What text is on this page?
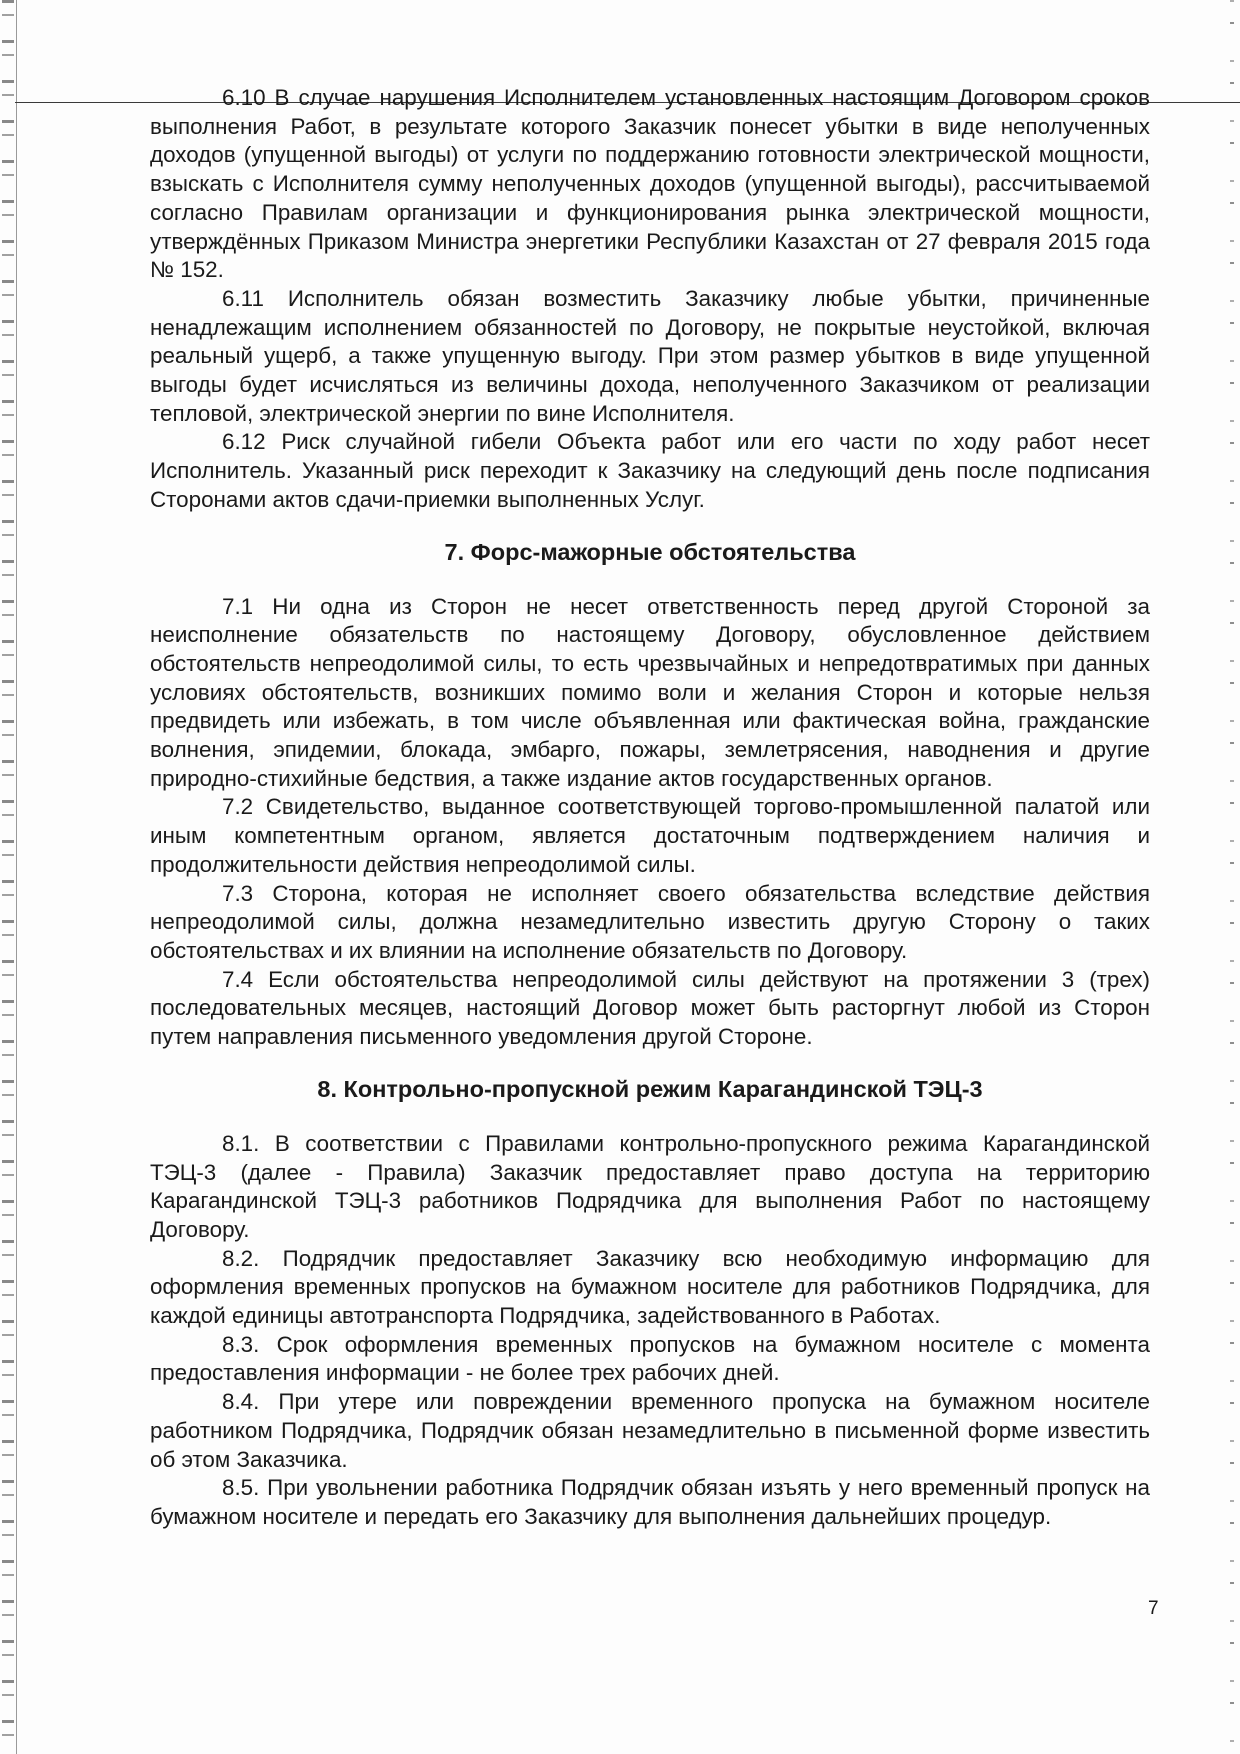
6.10 В случае нарушения Исполнителем установленных настоящим Договором сроков выполнения Работ, в результате которого Заказчик понесет убытки в виде неполученных доходов (упущенной выгоды) от услуги по поддержанию готовности электрической мощности, взыскать с Исполнителя сумму неполученных доходов (упущенной выгоды), рассчитываемой согласно Правилам организации и функционирования рынка электрической мощности, утверждённых Приказом Министра энергетики Республики Казахстан от 27 февраля 2015 года № 152.

6.11 Исполнитель обязан возместить Заказчику любые убытки, причиненные ненадлежащим исполнением обязанностей по Договору, не покрытые неустойкой, включая реальный ущерб, а также упущенную выгоду. При этом размер убытков в виде упущенной выгоды будет исчисляться из величины дохода, неполученного Заказчиком от реализации тепловой, электрической энергии по вине Исполнителя.

6.12 Риск случайной гибели Объекта работ или его части по ходу работ несет Исполнитель. Указанный риск переходит к Заказчику на следующий день после подписания Сторонами актов сдачи-приемки выполненных Услуг.

7. Форс-мажорные обстоятельства

7.1 Ни одна из Сторон не несет ответственность перед другой Стороной за неисполнение обязательств по настоящему Договору, обусловленное действием обстоятельств непреодолимой силы, то есть чрезвычайных и непредотвратимых при данных условиях обстоятельств, возникших помимо воли и желания Сторон и которые нельзя предвидеть или избежать, в том числе объявленная или фактическая война, гражданские волнения, эпидемии, блокада, эмбарго, пожары, землетрясения, наводнения и другие природно-стихийные бедствия, а также издание актов государственных органов.

7.2 Свидетельство, выданное соответствующей торгово-промышленной палатой или иным компетентным органом, является достаточным подтверждением наличия и продолжительности действия непреодолимой силы.

7.3 Сторона, которая не исполняет своего обязательства вследствие действия непреодолимой силы, должна незамедлительно известить другую Сторону о таких обстоятельствах и их влиянии на исполнение обязательств по Договору.

7.4 Если обстоятельства непреодолимой силы действуют на протяжении 3 (трех) последовательных месяцев, настоящий Договор может быть расторгнут любой из Сторон путем направления письменного уведомления другой Стороне.

8. Контрольно-пропускной режим Карагандинской ТЭЦ-3

8.1. В соответствии с Правилами контрольно-пропускного режима Карагандинской ТЭЦ-3 (далее - Правила) Заказчик предоставляет право доступа на территорию Карагандинской ТЭЦ-3 работников Подрядчика для выполнения Работ по настоящему Договору.

8.2. Подрядчик предоставляет Заказчику всю необходимую информацию для оформления временных пропусков на бумажном носителе для работников Подрядчика, для каждой единицы автотранспорта Подрядчика, задействованного в Работах.

8.3. Срок оформления временных пропусков на бумажном носителе с момента предоставления информации - не более трех рабочих дней.

8.4. При утере или повреждении временного пропуска на бумажном носителе работником Подрядчика, Подрядчик обязан незамедлительно в письменной форме известить об этом Заказчика.

8.5. При увольнении работника Подрядчик обязан изъять у него временный пропуск на бумажном носителе и передать его Заказчику для выполнения дальнейших процедур.

7
